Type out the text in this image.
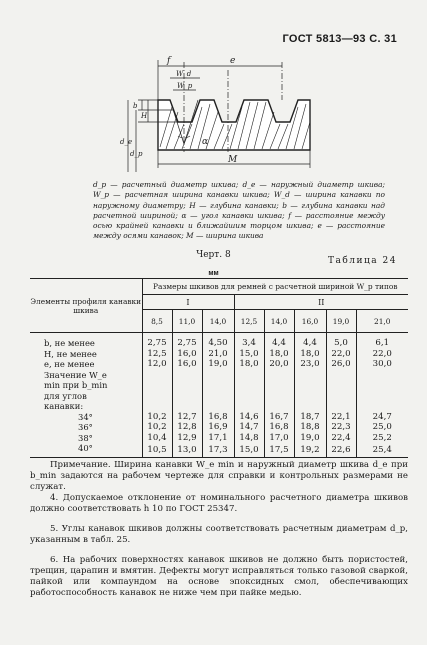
ГОСТ 5813—93 С. 31
f	e
W_d
W_p
b
H
d_e
d_p
α
M
d_p — расчетный диаметр шкива; d_e — наружный диаметр шкива; W_p — расчетная ширина канавки шкива; W_d — ширина канавки по наружному диаметру; H — глубина канавки; b — глубина канавки над расчетной шириной; α — угол канавки шкива; f — расстояние между осью крайней канавки и ближайшим торцом шкива; e — расстояние между осями канавок; M — ширина шкива
Черт. 8
Таблица 24
мм
Элементы профиля канавки шкива	Размеры шкивов для ремней с расчетной шириной W_p типов							
	I			II				
	8,5	11,0	14,0	12,5	14,0	16,0	19,0	21,0
b, не менее	2,75	2,75	4,50	3,4	4,4	4,4	5,0	6,1
H, не менее	12,5	16,0	21,0	15,0	18,0	18,0	22,0	22,0
e, не менее	12,0	16,0	19,0	18,0	20,0	23,0	26,0	30,0
Значение W_e min при b_min для углов канавки:								
34°	10,2	12,7	16,8	14,6	16,7	18,7	22,1	24,7
36°	10,2	12,8	16,9	14,7	16,8	18,8	22,3	25,0
38°	10,4	12,9	17,1	14,8	17,0	19,0	22,4	25,2
40°	10,5	13,0	17,3	15,0	17,5	19,2	22,6	25,4
Примечание. Ширина канавки W_e min и наружный диаметр шкива d_e при b_min задаются на рабочем чертеже для справки и контрольных размерами не служат.
4. Допускаемое отклонение от номинального расчетного диаметра шкивов должно соответствовать h 10 по ГОСТ 25347.
5. Углы канавок шкивов должны соответствовать расчетным диаметрам d_p, указанным в табл. 25.
6. На рабочих поверхностях канавок шкивов не должно быть пористостей, трещин, царапин и вмятин. Дефекты могут исправляться только газовой сваркой, пайкой или компаундом на основе эпоксидных смол, обеспечивающих работоспособность канавок не ниже чем при пайке медью.
